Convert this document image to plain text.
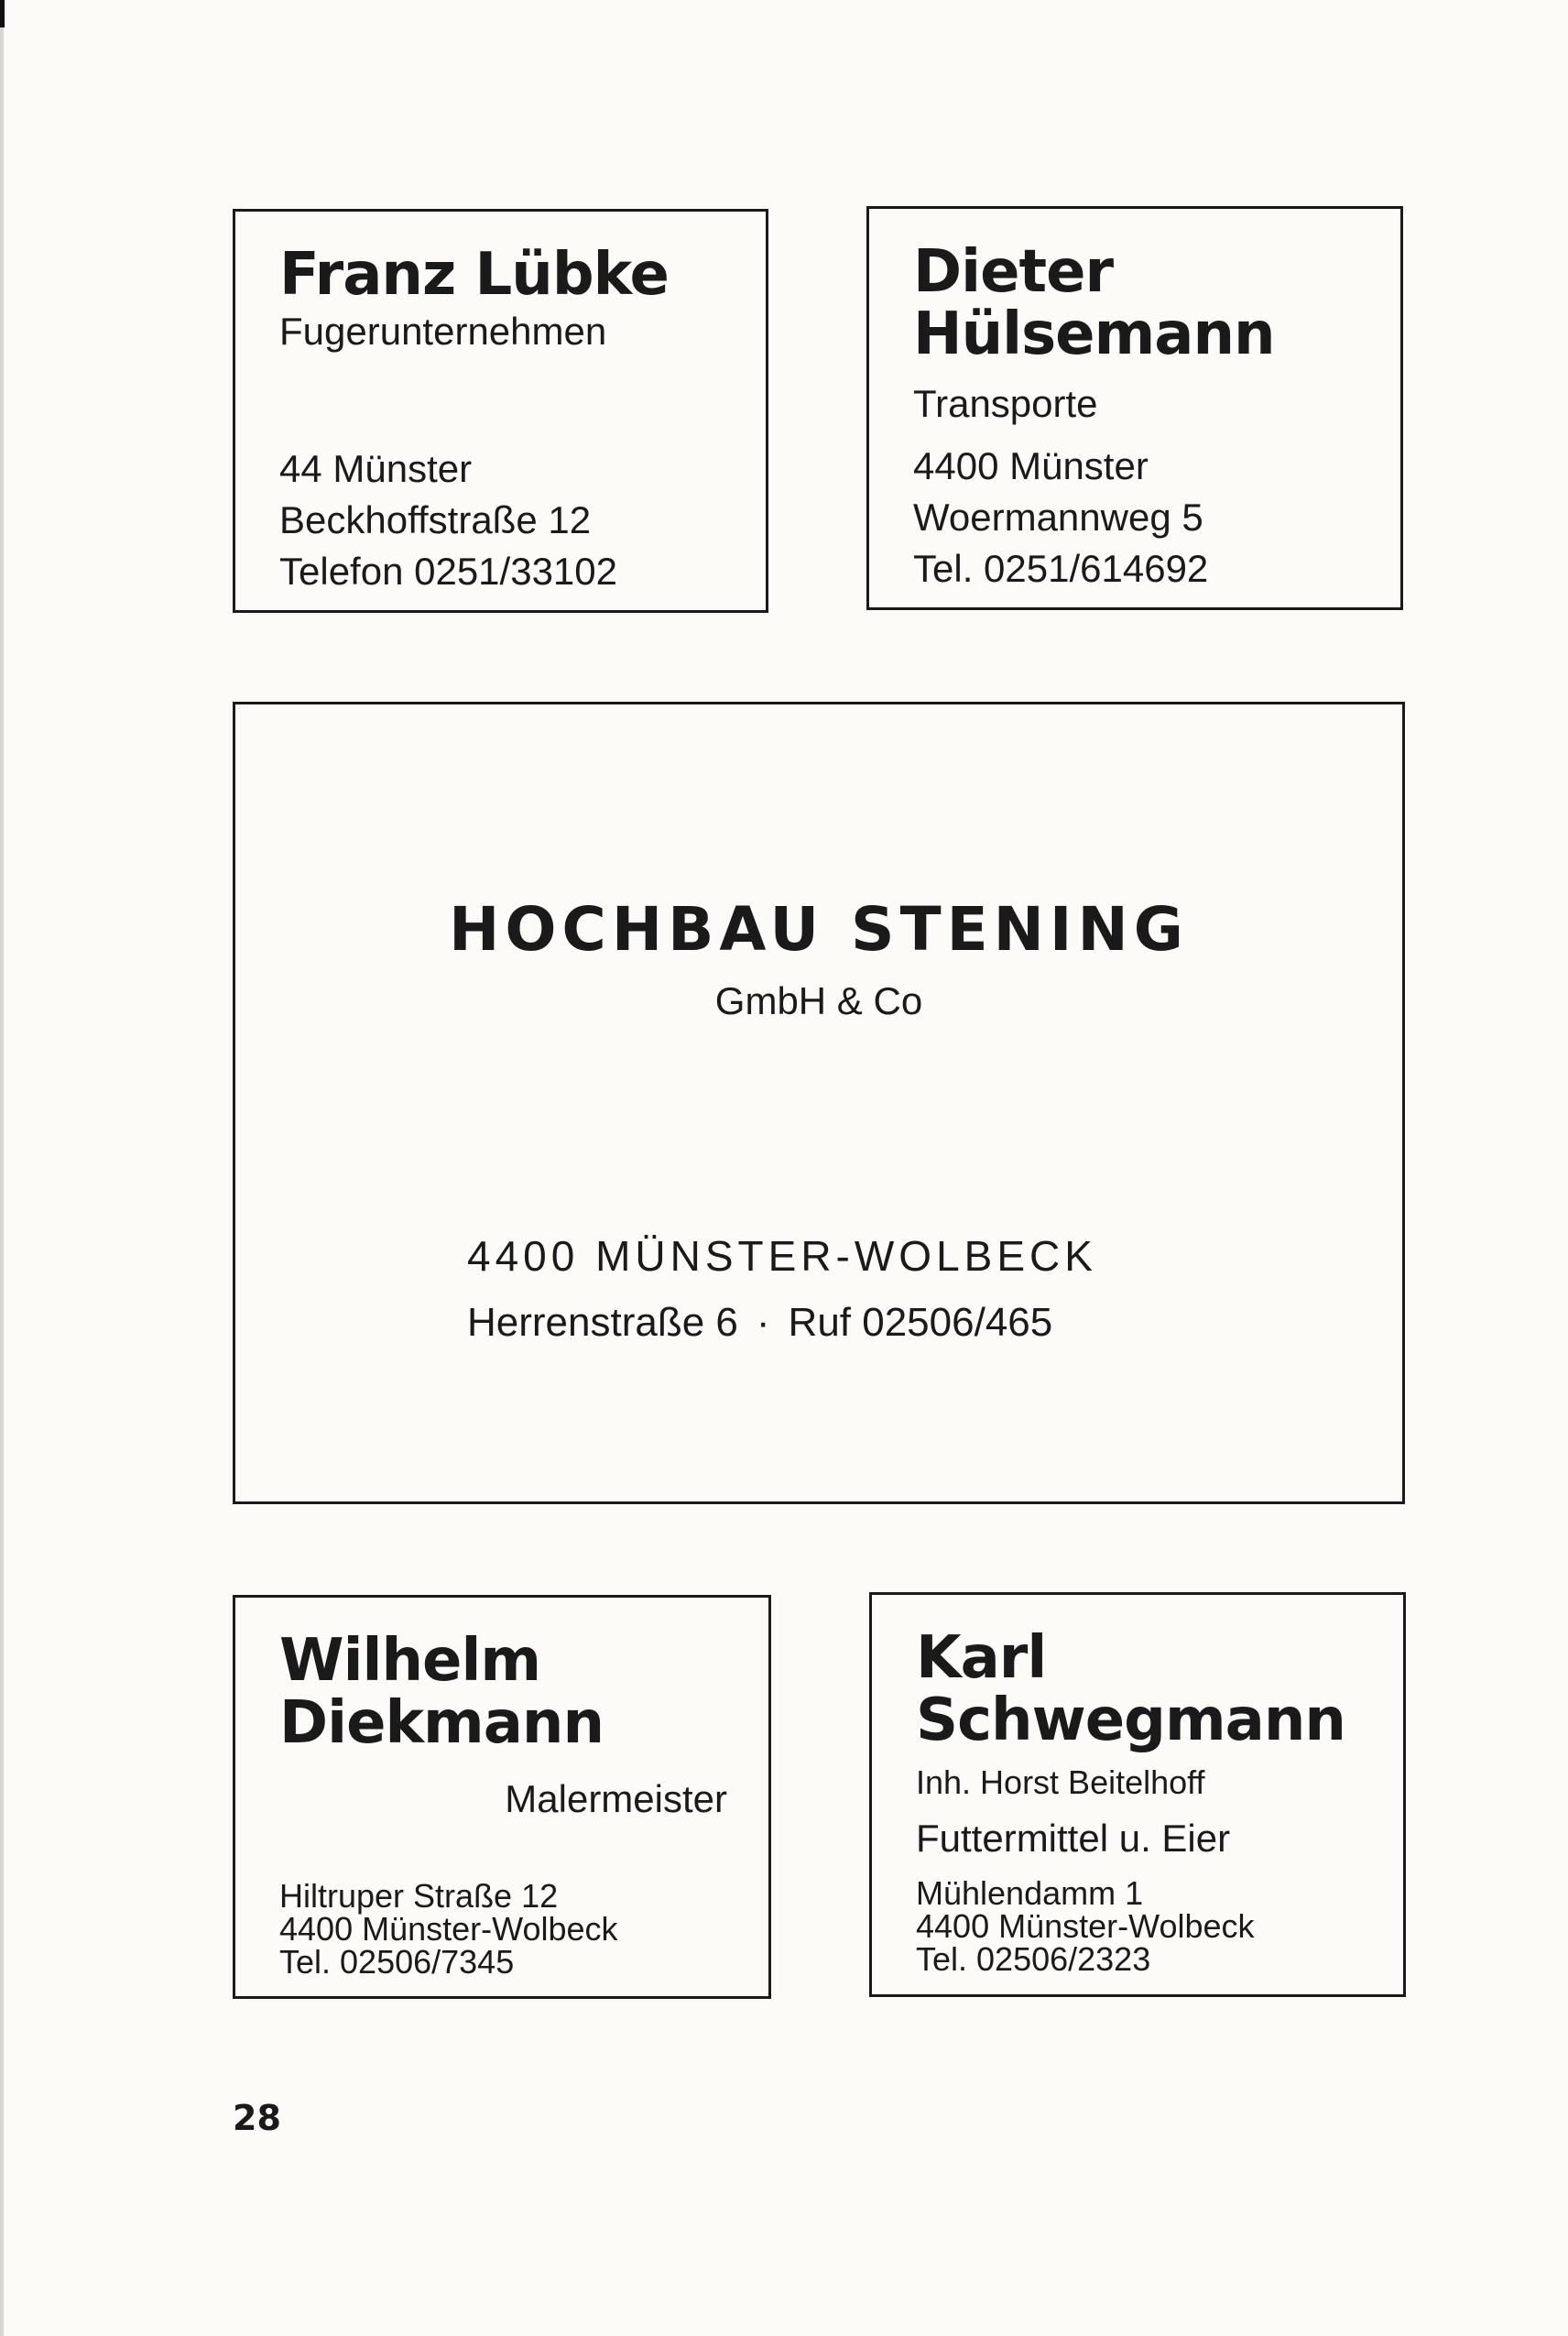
Franz Lübke

Fugerunternehmen

44 Münster

Beckhoffstraße 12

Telefon 0251/33102

Dieter

Hülsemann

Transporte

4400 Münster

Woermannweg 5

Tel. 0251/614692

HOCHBAU STENING
GmbH & Co
4400 MÜNSTER-WOLBECK
Herrenstraße 6 · Ruf 02506/465

Wilhelm

Diekmann

Malermeister

Hiltruper Straße 12

4400 Münster-Wolbeck

Tel. 02506/7345

Karl

Schwegmann

Inh. Horst Beitelhoff

Futtermittel u. Eier

Mühlendamm 1

4400 Münster-Wolbeck

Tel. 02506/2323

28
